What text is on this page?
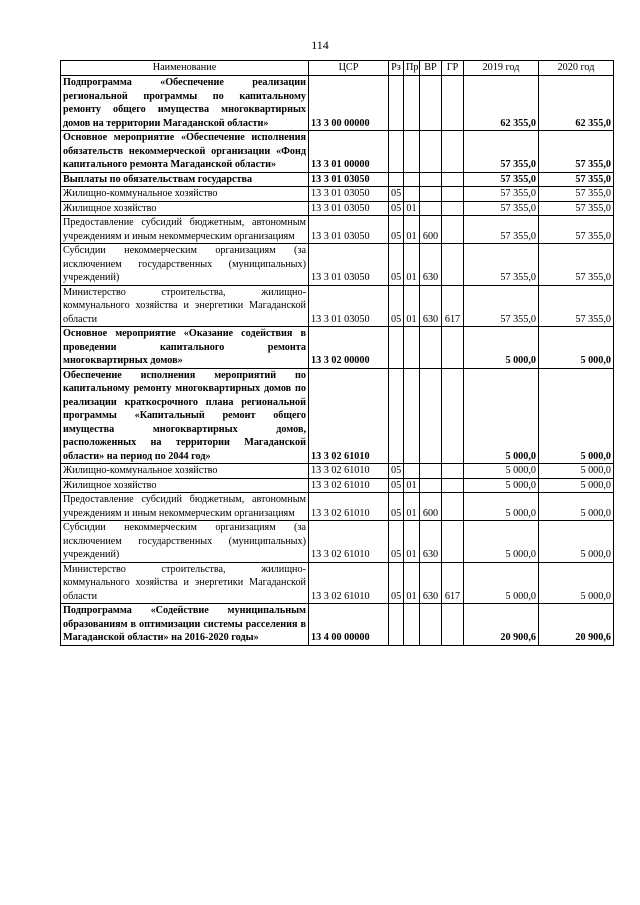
114
Наименование	ЦСР	Рз	Пр	ВР	ГР	2019 год	2020 год
Подпрограмма «Обеспечение реализации региональной программы по капитальному ремонту общего имущества многоквартирных домов на территории Магаданской области»	13 3 00 00000					62 355,0	62 355,0
Основное мероприятие «Обеспечение исполнения обязательств некоммерческой организации «Фонд капитального ремонта Магаданской области»	13 3 01 00000					57 355,0	57 355,0
Выплаты по обязательствам государства	13 3 01 03050					57 355,0	57 355,0
Жилищно-коммунальное хозяйство	13 3 01 03050	05				57 355,0	57 355,0
Жилищное хозяйство	13 3 01 03050	05	01			57 355,0	57 355,0
Предоставление субсидий бюджетным, автономным учреждениям и иным некоммерческим организациям	13 3 01 03050	05	01	600		57 355,0	57 355,0
Субсидии некоммерческим организациям (за исключением государственных (муниципальных) учреждений)	13 3 01 03050	05	01	630		57 355,0	57 355,0
Министерство строительства, жилищно-коммунального хозяйства и энергетики Магаданской области	13 3 01 03050	05	01	630	617	57 355,0	57 355,0
Основное мероприятие «Оказание содействия в проведении капитального ремонта многоквартирных домов»	13 3 02 00000					5 000,0	5 000,0
Обеспечение исполнения мероприятий по капитальному ремонту многоквартирных домов по реализации краткосрочного плана региональной программы «Капитальный ремонт общего имущества многоквартирных домов, расположенных на территории Магаданской области» на период по 2044 год»	13 3 02 61010					5 000,0	5 000,0
Жилищно-коммунальное хозяйство	13 3 02 61010	05				5 000,0	5 000,0
Жилищное хозяйство	13 3 02 61010	05	01			5 000,0	5 000,0
Предоставление субсидий бюджетным, автономным учреждениям и иным некоммерческим организациям	13 3 02 61010	05	01	600		5 000,0	5 000,0
Субсидии некоммерческим организациям (за исключением государственных (муниципальных) учреждений)	13 3 02 61010	05	01	630		5 000,0	5 000,0
Министерство строительства, жилищно-коммунального хозяйства и энергетики Магаданской области	13 3 02 61010	05	01	630	617	5 000,0	5 000,0
Подпрограмма «Содействие муниципальным образованиям в оптимизации системы расселения в Магаданской области» на 2016-2020 годы»	13 4 00 00000					20 900,6	20 900,6
